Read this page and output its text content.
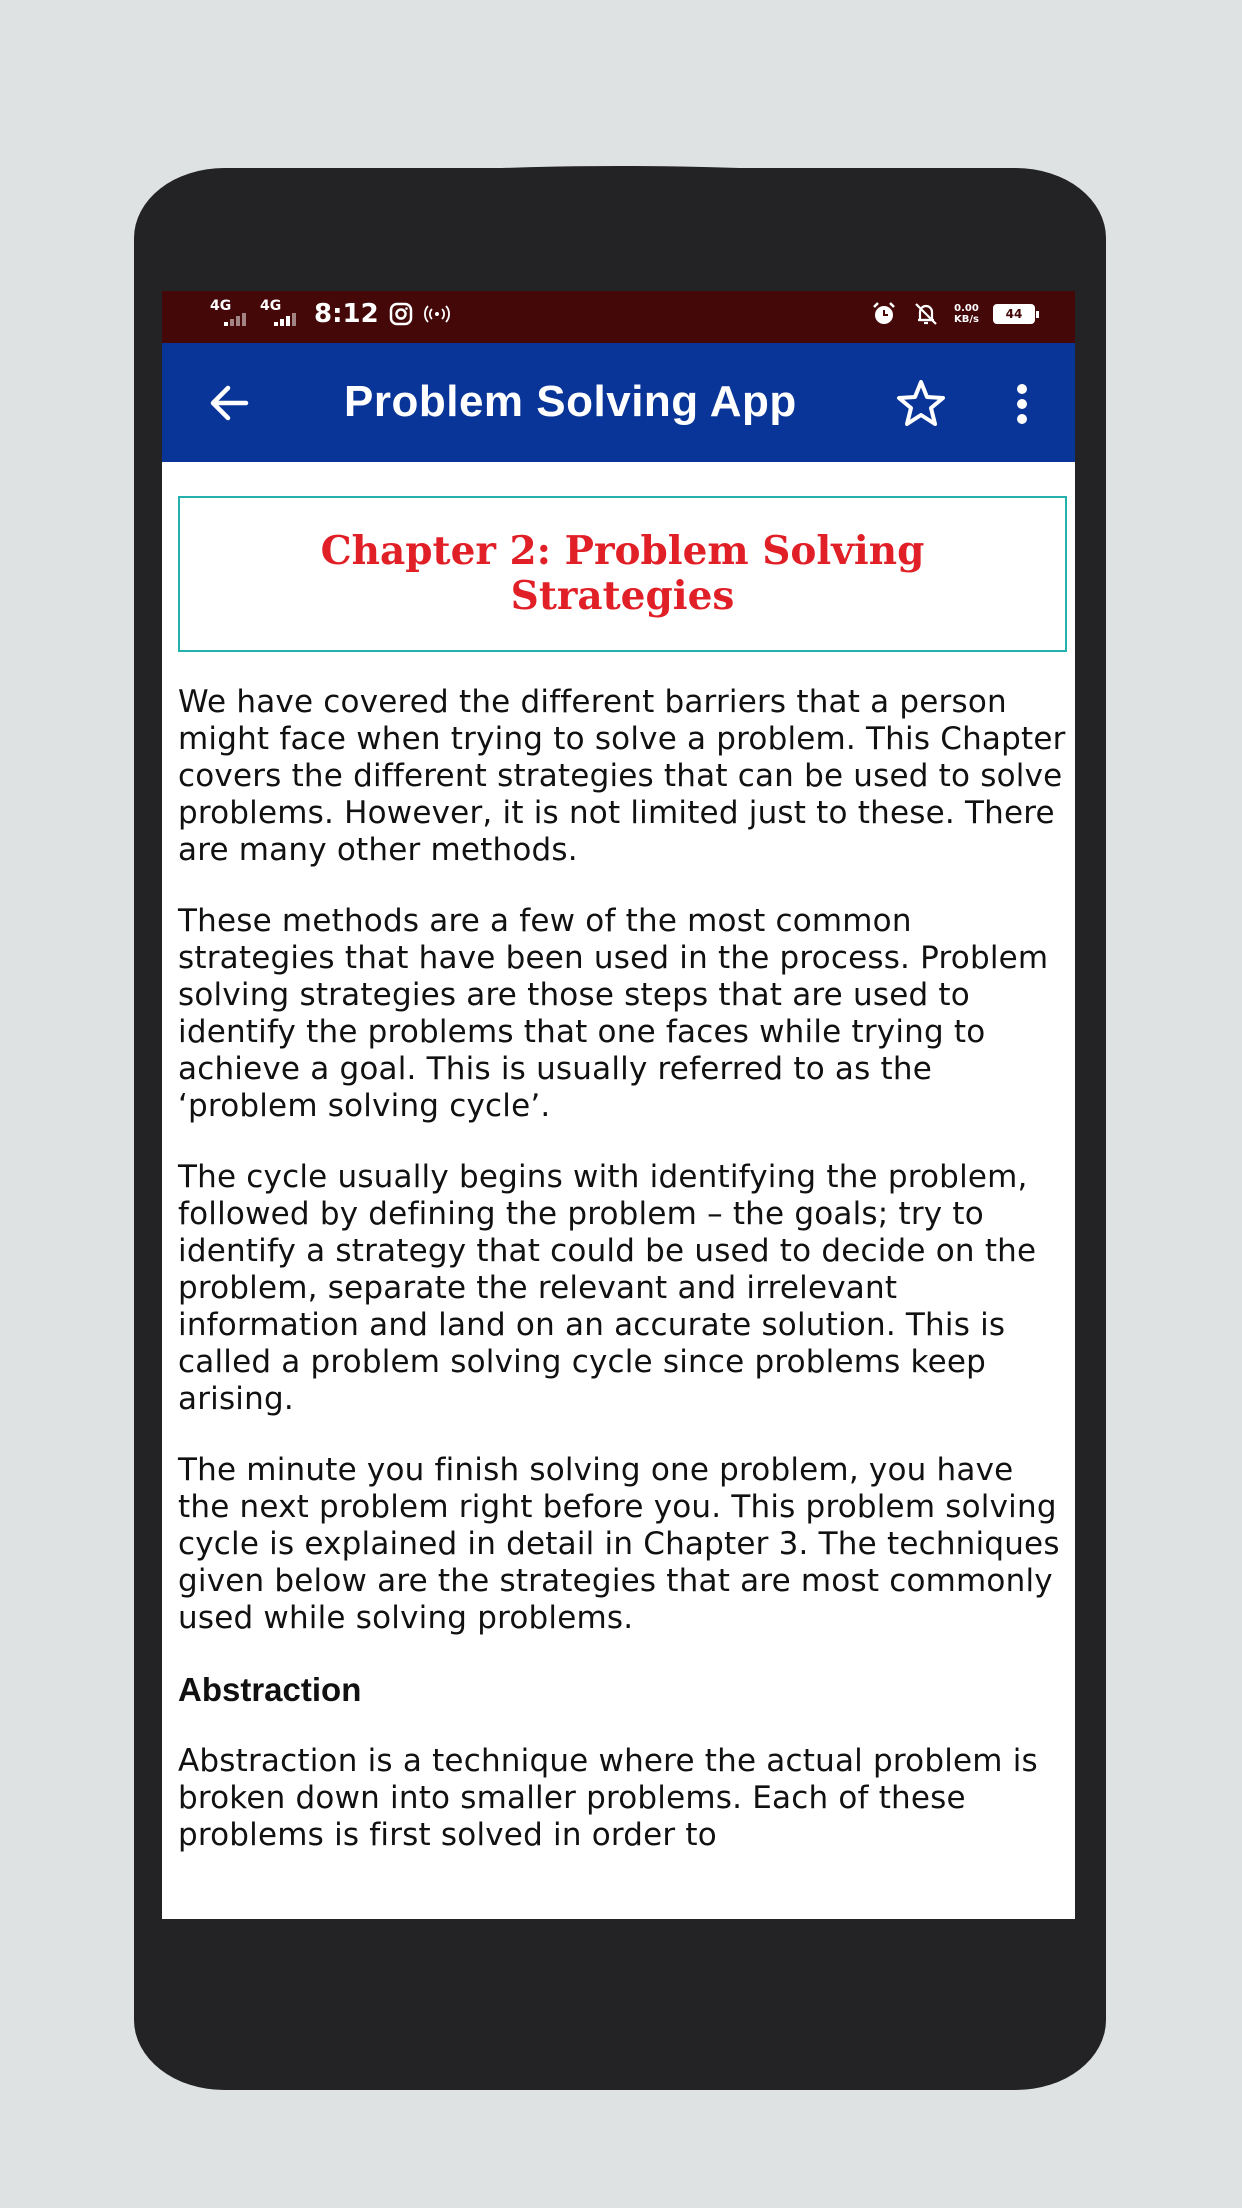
4G	4G	8:12	0.00
KB/s 44
Problem Solving App
Chapter 2: Problem Solving Strategies

We have covered the different barriers that a person might face when trying to solve a problem. This Chapter covers the different strategies that can be used to solve problems. However, it is not limited just to these. There are many other methods.

These methods are a few of the most common strategies that have been used in the process. Problem solving strategies are those steps that are used to identify the problems that one faces while trying to achieve a goal. This is usually referred to as the ‘problem solving cycle’.

The cycle usually begins with identifying the problem, followed by defining the problem – the goals; try to identify a strategy that could be used to decide on the problem, separate the relevant and irrelevant information and land on an accurate solution. This is called a problem solving cycle since problems keep arising.

The minute you finish solving one problem, you have the next problem right before you. This problem solving cycle is explained in detail in Chapter 3. The techniques given below are the strategies that are most commonly used while solving problems.

Abstraction

Abstraction is a technique where the actual problem is broken down into smaller problems. Each of these problems is first solved in order to
